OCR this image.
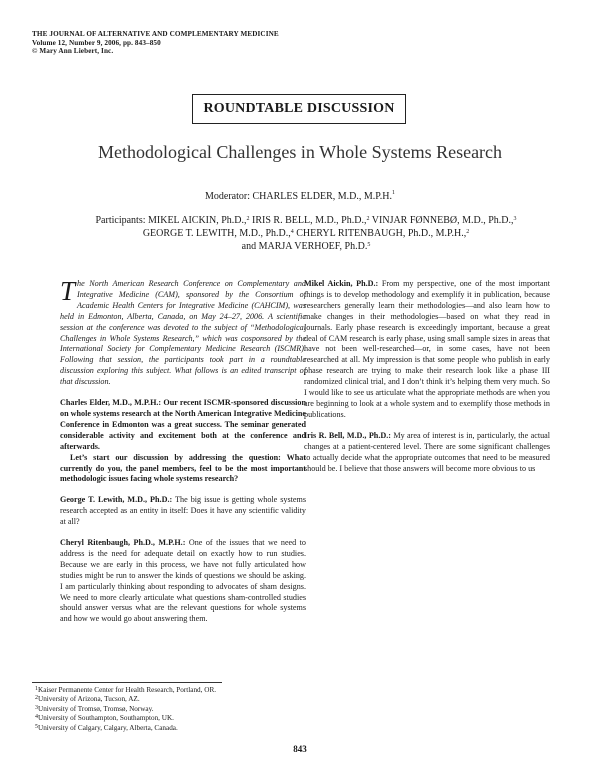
THE JOURNAL OF ALTERNATIVE AND COMPLEMENTARY MEDICINE
Volume 12, Number 9, 2006, pp. 843–850
© Mary Ann Liebert, Inc.
ROUNDTABLE DISCUSSION
Methodological Challenges in Whole Systems Research
Moderator: CHARLES ELDER, M.D., M.P.H.$^1$
Participants: MIKEL AICKIN, Ph.D.,$^2$ IRIS R. BELL, M.D., Ph.D.,$^2$ VINJAR FØNNEBØ, M.D., Ph.D.,$^3$
GEORGE T. LEWITH, M.D., Ph.D.,$^4$ CHERYL RITENBAUGH, Ph.D., M.P.H.,$^2$
and MARJA VERHOEF, Ph.D.$^5$

The North American Research Conference on Complementary and Integrative Medicine (CAM), sponsored by the Consortium of Academic Health Centers for Integrative Medicine (CAHCIM), was held in Edmonton, Alberta, Canada, on May 24–27, 2006. A scientific session at the conference was devoted to the subject of “Methodological Challenges in Whole Systems Research,” which was cosponsored by the International Society for Complementary Medicine Research (ISCMR). Following that session, the participants took part in a roundtable discussion exploring this subject. What follows is an edited transcript of that discussion.

Charles Elder, M.D., M.P.H.: Our recent ISCMR-sponsored discussion on whole systems research at the North American Integrative Medicine Conference in Edmonton was a great success. The seminar generated considerable activity and excitement both at the conference and afterwards.

Let’s start our discussion by addressing the question: What currently do you, the panel members, feel to be the most important methodologic issues facing whole systems research?

George T. Lewith, M.D., Ph.D.: The big issue is getting whole systems research accepted as an entity in itself: Does it have any scientific validity at all?

Cheryl Ritenbaugh, Ph.D., M.P.H.: One of the issues that we need to address is the need for adequate detail on exactly how to run studies. Because we are early in this process, we have not fully articulated how studies might be run to answer the kinds of questions we should be asking. I am particularly thinking about responding to advocates of sham designs. We need to more clearly articulate what questions sham-controlled studies should answer versus what are the relevant questions for whole systems and how we would go about answering them.

Mikel Aickin, Ph.D.: From my perspective, one of the most important things is to develop methodology and exemplify it in publication, because researchers generally learn their methodologies—and also learn how to make changes in their methodologies—based on what they read in journals. Early phase research is exceedingly important, because a great deal of CAM research is early phase, using small sample sizes in areas that have not been well-researched—or, in some cases, have not been researched at all. My impression is that some people who publish in early phase research are trying to make their research look like a phase III randomized clinical trial, and I don’t think it’s helping them very much. So I would like to see us articulate what the appropriate methods are when you are beginning to look at a whole system and to exemplify those methods in publications.

Iris R. Bell, M.D., Ph.D.: My area of interest is in, particularly, the actual changes at a patient-centered level. There are some significant challenges to actually decide what the appropriate outcomes that need to be measured should be. I believe that those answers will become more obvious to us

$^1$Kaiser Permanente Center for Health Research, Portland, OR.
$^2$University of Arizona, Tucson, AZ.
$^3$University of Tromsø, Tromsø, Norway.
$^4$University of Southampton, Southampton, UK.
$^5$University of Calgary, Calgary, Alberta, Canada.
843
